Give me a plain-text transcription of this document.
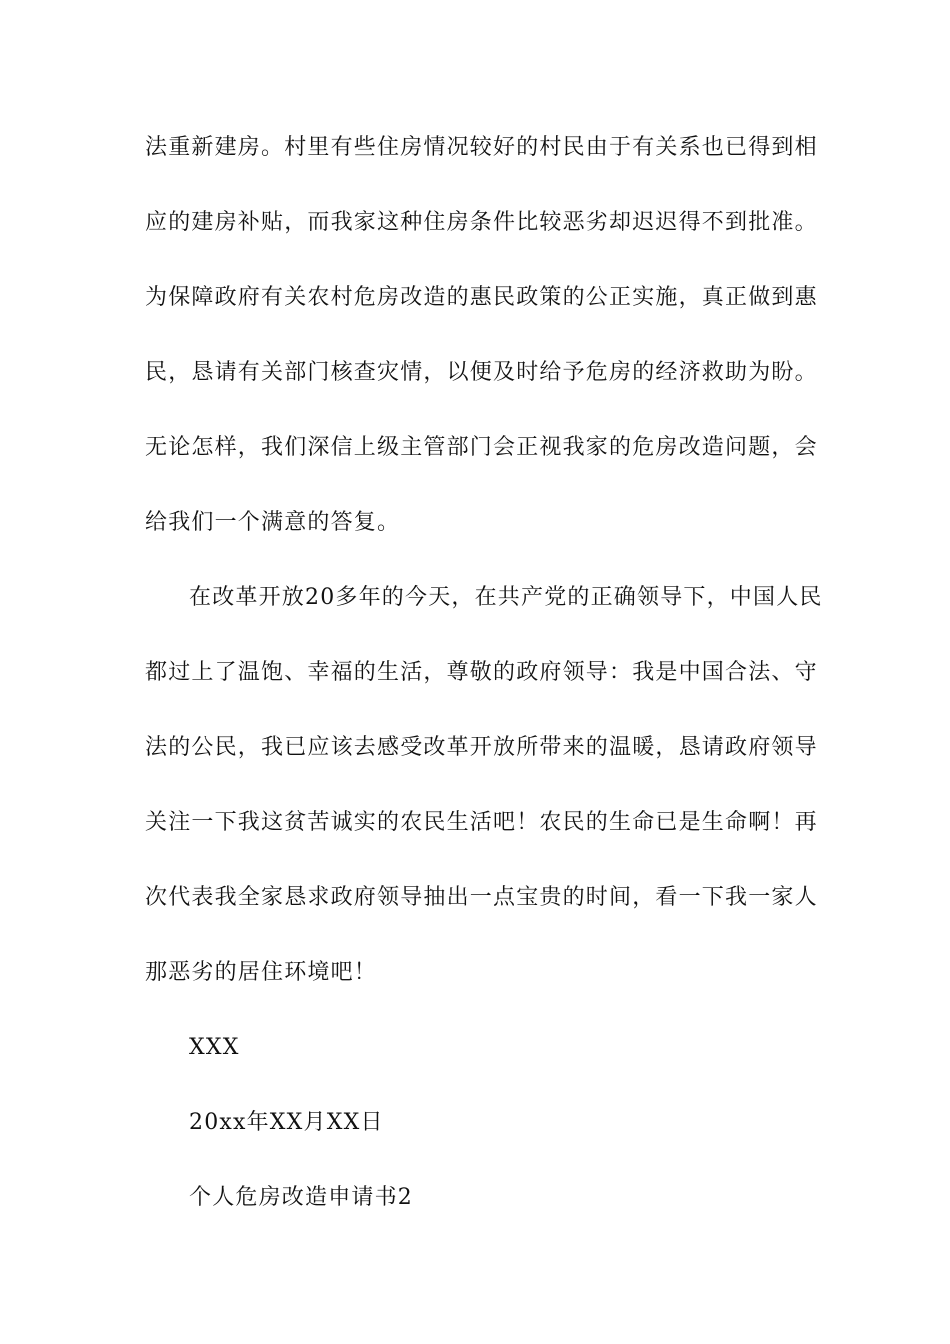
法重新建房。村里有些住房情况较好的村民由于有关系也已得到相
应的建房补贴，而我家这种住房条件比较恶劣却迟迟得不到批准。
为保障政府有关农村危房改造的惠民政策的公正实施，真正做到惠
民，恳请有关部门核查灾情，以便及时给予危房的经济救助为盼。
无论怎样，我们深信上级主管部门会正视我家的危房改造问题，会
给我们一个满意的答复。
在改革开放20多年的今天，在共产党的正确领导下，中国人民
都过上了温饱、幸福的生活，尊敬的政府领导：我是中国合法、守
法的公民，我已应该去感受改革开放所带来的温暖，恳请政府领导
关注一下我这贫苦诚实的农民生活吧！农民的生命已是生命啊！再
次代表我全家恳求政府领导抽出一点宝贵的时间，看一下我一家人
那恶劣的居住环境吧！
XXX
20xx年XX月XX日
个人危房改造申请书2
